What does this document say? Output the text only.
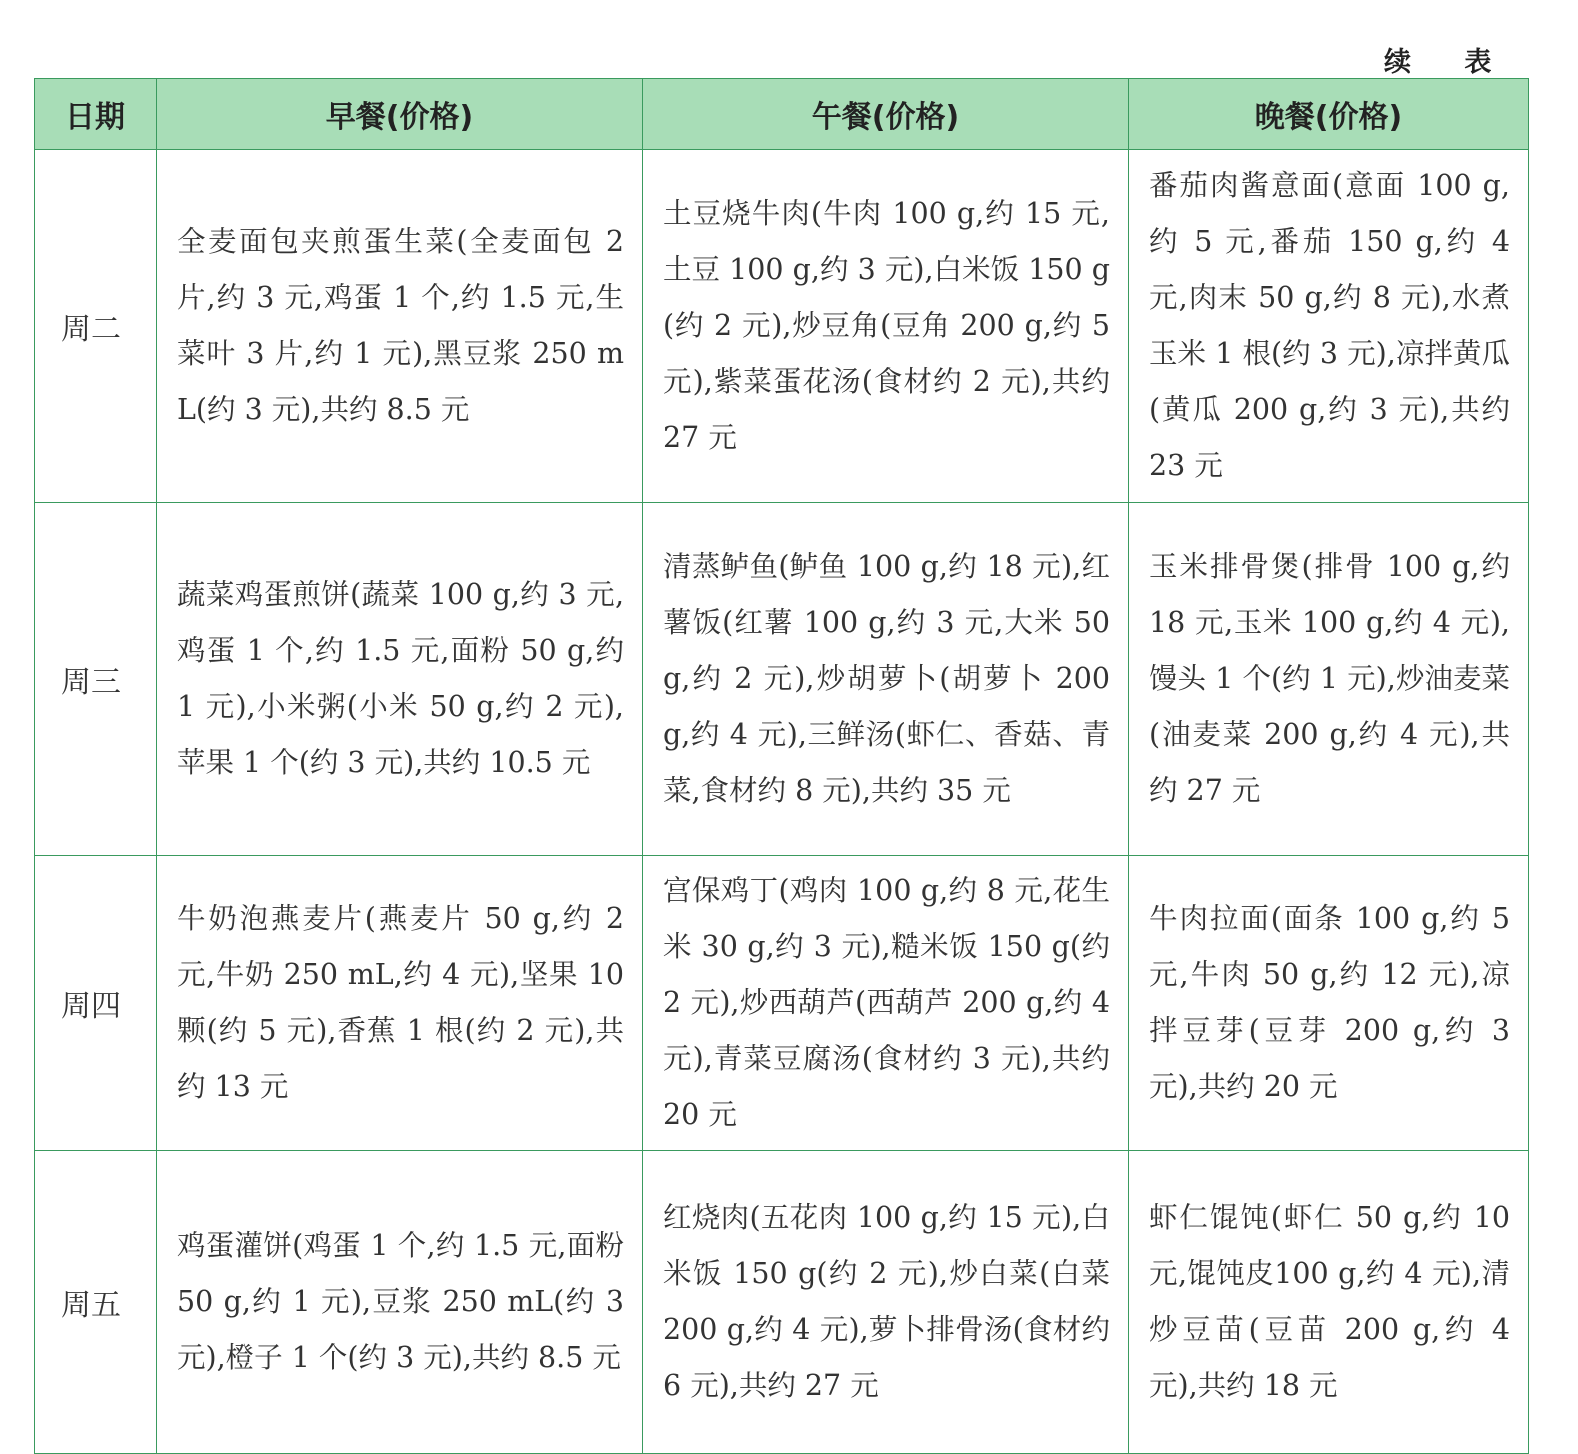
续 表
日期	早餐(价格)	午餐(价格)	晚餐(价格)
周二	全麦面包夹煎蛋生菜(全麦面包 2 片,约 3 元,鸡蛋 1 个,约 1.5 元,生菜叶 3 片,约 1 元),黑豆浆 250 mL(约 3 元),共约 8.5 元	土豆烧牛肉(牛肉 100 g,约 15 元,土豆 100 g,约 3 元),白米饭 150 g(约 2 元),炒豆角(豆角 200 g,约 5 元),紫菜蛋花汤(食材约 2 元),共约 27 元	番茄肉酱意面(意面 100 g,约 5 元,番茄 150 g,约 4 元,肉末 50 g,约 8 元),水煮玉米 1 根(约 3 元),凉拌黄瓜(黄瓜 200 g,约 3 元),共约 23 元
周三	蔬菜鸡蛋煎饼(蔬菜 100 g,约 3 元,鸡蛋 1 个,约 1.5 元,面粉 50 g,约 1 元),小米粥(小米 50 g,约 2 元),苹果 1 个(约 3 元),共约 10.5 元	清蒸鲈鱼(鲈鱼 100 g,约 18 元),红薯饭(红薯 100 g,约 3 元,大米 50 g,约 2 元),炒胡萝卜(胡萝卜 200 g,约 4 元),三鲜汤(虾仁、香菇、青菜,食材约 8 元),共约 35 元	玉米排骨煲(排骨 100 g,约 18 元,玉米 100 g,约 4 元),馒头 1 个(约 1 元),炒油麦菜(油麦菜 200 g,约 4 元),共约 27 元
周四	牛奶泡燕麦片(燕麦片 50 g,约 2 元,牛奶 250 mL,约 4 元),坚果 10 颗(约 5 元),香蕉 1 根(约 2 元),共约 13 元	宫保鸡丁(鸡肉 100 g,约 8 元,花生米 30 g,约 3 元),糙米饭 150 g(约 2 元),炒西葫芦(西葫芦 200 g,约 4 元),青菜豆腐汤(食材约 3 元),共约 20 元	牛肉拉面(面条 100 g,约 5 元,牛肉 50 g,约 12 元),凉拌豆芽(豆芽 200 g,约 3 元),共约 20 元
周五	鸡蛋灌饼(鸡蛋 1 个,约 1.5 元,面粉 50 g,约 1 元),豆浆 250 mL(约 3 元),橙子 1 个(约 3 元),共约 8.5 元	红烧肉(五花肉 100 g,约 15 元),白米饭 150 g(约 2 元),炒白菜(白菜 200 g,约 4 元),萝卜排骨汤(食材约 6 元),共约 27 元	虾仁馄饨(虾仁 50 g,约 10 元,馄饨皮100 g,约 4 元),清炒豆苗(豆苗 200 g,约 4 元),共约 18 元
